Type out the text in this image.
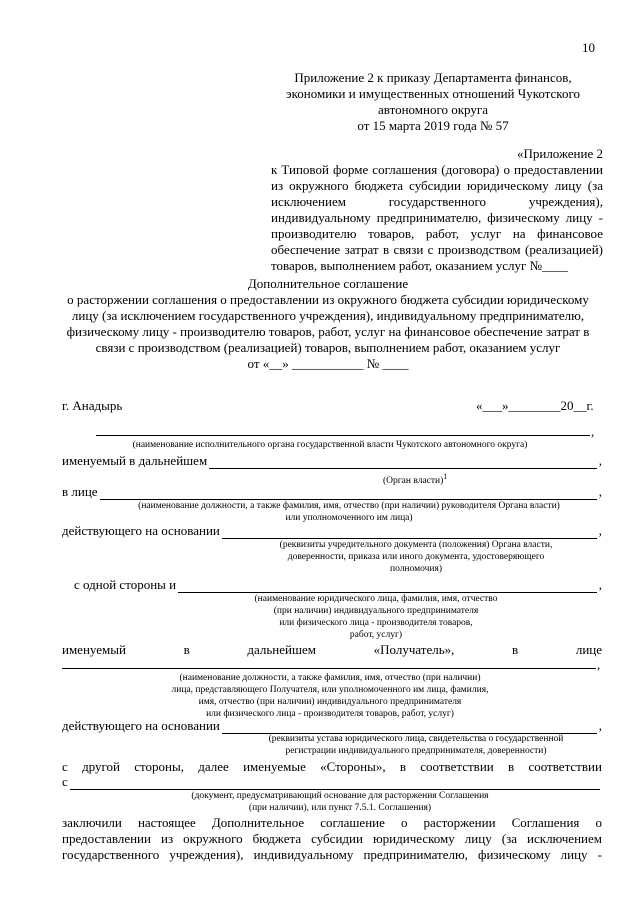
10
Приложение 2 к приказу Департамента финансов,
экономики и имущественных отношений Чукотского
автономного округа
от 15 марта 2019 года № 57
«Приложение 2
к Типовой форме соглашения (договора) о предоставлении
из окружного бюджета субсидии юридическому лицу (за
исключением государственного учреждения),
индивидуальному предпринимателю, физическому лицу -
производителю товаров, работ, услуг на финансовое
обеспечение затрат в связи с производством (реализацией)
товаров, выполнением работ, оказанием услуг №____
Дополнительное соглашение
о расторжении соглашения о предоставлении из окружного бюджета субсидии юридическому
лицу (за исключением государственного учреждения), индивидуальному предпринимателю,
физическому лицу - производителю товаров, работ, услуг на финансовое обеспечение затрат в
связи с производством (реализацией) товаров, выполнением работ, оказанием услуг
от «__» ___________ № ____
г. Анадырь	«___»________20__г.
,
(наименование исполнительного органа государственной власти Чукотского автономного округа)
именуемый в дальнейшем	,
(Орган власти)$^1$
в лице	,
(наименование должности, а также фамилия, имя, отчество (при наличии) руководителя Органа власти)
или уполномоченного им лица)
действующего на основании	,
(реквизиты учредительного документа (положения) Органа власти,
доверенности, приказа или иного документа, удостоверяющего
полномочия)
с одной стороны и	,
(наименование юридического лица, фамилия, имя, отчество
(при наличии) индивидуального предпринимателя
или физического лица - производителя товаров,
работ, услуг)
именуемый	в	дальнейшем	«Получатель»,	в	лице
,
(наименование должности, а также фамилия, имя, отчество (при наличии)
лица, представляющего Получателя, или уполномоченного им лица, фамилия,
имя, отчество (при наличии) индивидуального предпринимателя
или физического лица - производителя товаров, работ, услуг)
действующего на основании	,
(реквизиты устава юридического лица, свидетельства о государственной
регистрации индивидуального предпринимателя, доверенности)
с другой стороны, далее именуемые «Стороны», в соответствии в соответствии
с
(документ, предусматривающий основание для расторжения Соглашения
(при наличии), или пункт 7.5.1. Соглашения)
заключили настоящее Дополнительное соглашение о расторжении Соглашения о
предоставлении из окружного бюджета субсидии юридическому лицу (за исключением
государственного учреждения), индивидуальному предпринимателю, физическому лицу -
